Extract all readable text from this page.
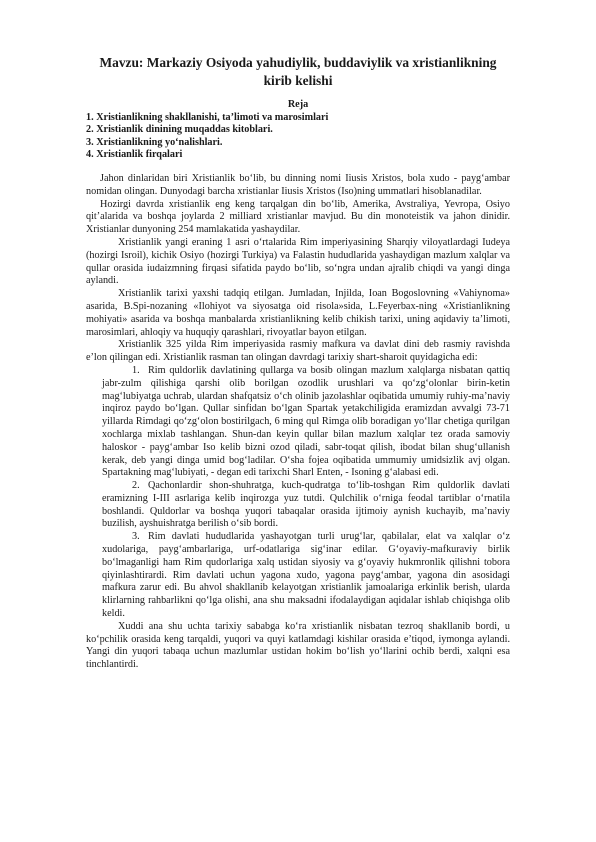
Mavzu: Markaziy Osiyoda yahudiylik, buddaviylik va xristianlikning kirib kelishi
Reja
1. Xristianlikning shakllanishi, ta’limoti va marosimlari
2. Xristianlik dinining muqaddas kitoblari.
3. Xristianlikning yo‘nalishlari.
4. Xristianlik firqalari

Jahon dinlaridan biri Xristianlik bo‘lib, bu dinning nomi Iiusis Xristos, bola xudo - payg‘ambar nomidan olingan. Dunyodagi barcha xristianlar Iiusis Xristos (Iso)ning ummatlari hisoblanadilar.

Hozirgi davrda xristianlik eng keng tarqalgan din bo‘lib, Amerika, Avstraliya, Yevropa, Osiyo qit’alarida va boshqa joylarda 2 milliard xristianlar mavjud. Bu din monoteistik va jahon dinidir. Xristianlar dunyoning 254 mamlakatida yashaydilar.

Xristianlik yangi eraning 1 asri o‘rtalarida Rim imperiyasining Sharqiy viloyatlardagi Iudeya (hozirgi Isroil), kichik Osiyo (hozirgi Turkiya) va Falastin hududlarida yashaydigan mazlum xalqlar va qullar orasida iudaizmning firqasi sifatida paydo bo‘lib, so‘ngra undan ajralib chiqdi va yangi dinga aylandi.

Xristianlik tarixi yaxshi tadqiq etilgan. Jumladan, Injilda, Ioan Bogoslovning «Vahiynoma» asarida, B.Spi-nozaning «Ilohiyot va siyosatga oid risola»sida, L.Feyerbax-ning «Xristianlikning mohiyati» asarida va boshqa manbalarda xristianlikning kelib chikish tarixi, uning aqidaviy ta’limoti, marosimlari, ahloqiy va huquqiy qarashlari, rivoyatlar bayon etilgan.

Xristianlik 325 yilda Rim imperiyasida rasmiy mafkura va davlat dini deb rasmiy ravishda e’lon qilingan edi. Xristianlik rasman tan olingan davrdagi tarixiy shart-sharoit quyidagicha edi:

1. Rim quldorlik davlatining qullarga va bosib olingan mazlum xalqlarga nisbatan qattiq jabr-zulm qilishiga qarshi olib borilgan ozodlik urushlari va qo‘zg‘olonlar birin-ketin mag‘lubiyatga uchrab, ulardan shafqatsiz o‘ch olinib jazolashlar oqibatida umumiy ruhiy-ma’naviy inqiroz paydo bo‘lgan. Qullar sinfidan bo‘lgan Spartak yetakchiligida eramizdan avvalgi 73-71 yillarda Rimdagi qo‘zg‘olon bostirilgach, 6 ming qul Rimga olib boradigan yo‘llar chetiga qurilgan xochlarga mixlab tashlangan. Shun-dan keyin qullar bilan mazlum xalqlar tez orada samoviy haloskor - payg‘ambar Iso kelib bizni ozod qiladi, sabr-toqat qilish, ibodat bilan shug‘ullanish kerak, deb yangi dinga umid bog‘ladilar. O‘sha fojea oqibatida ummumiy umidsizlik avj olgan. Spartakning mag‘lubiyati, - degan edi tarixchi Sharl Enten, - Isoning g‘alabasi edi.
2. Qachonlardir shon-shuhratga, kuch-qudratga to‘lib-toshgan Rim quldorlik davlati eramizning I-III asrlariga kelib inqirozga yuz tutdi. Qulchilik o‘rniga feodal tartiblar o‘rnatila boshlandi. Quldorlar va boshqa yuqori tabaqalar orasida ijtimoiy aynish kuchayib, ma’naviy buzilish, ayshuishratga berilish o‘sib bordi.
3. Rim davlati hududlarida yashayotgan turli urug‘lar, qabilalar, elat va xalqlar o‘z xudolariga, payg‘ambarlariga, urf-odatlariga sig‘inar edilar. G‘oyaviy-mafkuraviy birlik bo‘lmaganligi ham Rim qudorlariga xalq ustidan siyosiy va g‘oyaviy hukmronlik qilishni tobora qiyinlashtirardi. Rim davlati uchun yagona xudo, yagona payg‘ambar, yagona din asosidagi mafkura zarur edi. Bu ahvol shakllanib kelayotgan xristianlik jamoalariga erkinlik berish, ularda klirlarning rahbarlikni qo‘lga olishi, ana shu maksadni ifodalaydigan aqidalar ishlab chiqishga olib keldi.

Xuddi ana shu uchta tarixiy sababga ko‘ra xristianlik nisbatan tezroq shakllanib bordi, u ko‘pchilik orasida keng tarqaldi, yuqori va quyi katlamdagi kishilar orasida e’tiqod, iymonga aylandi. Yangi din yuqori tabaqa uchun mazlumlar ustidan hokim bo‘lish yo‘llarini ochib berdi, xalqni esa tinchlantirdi.
